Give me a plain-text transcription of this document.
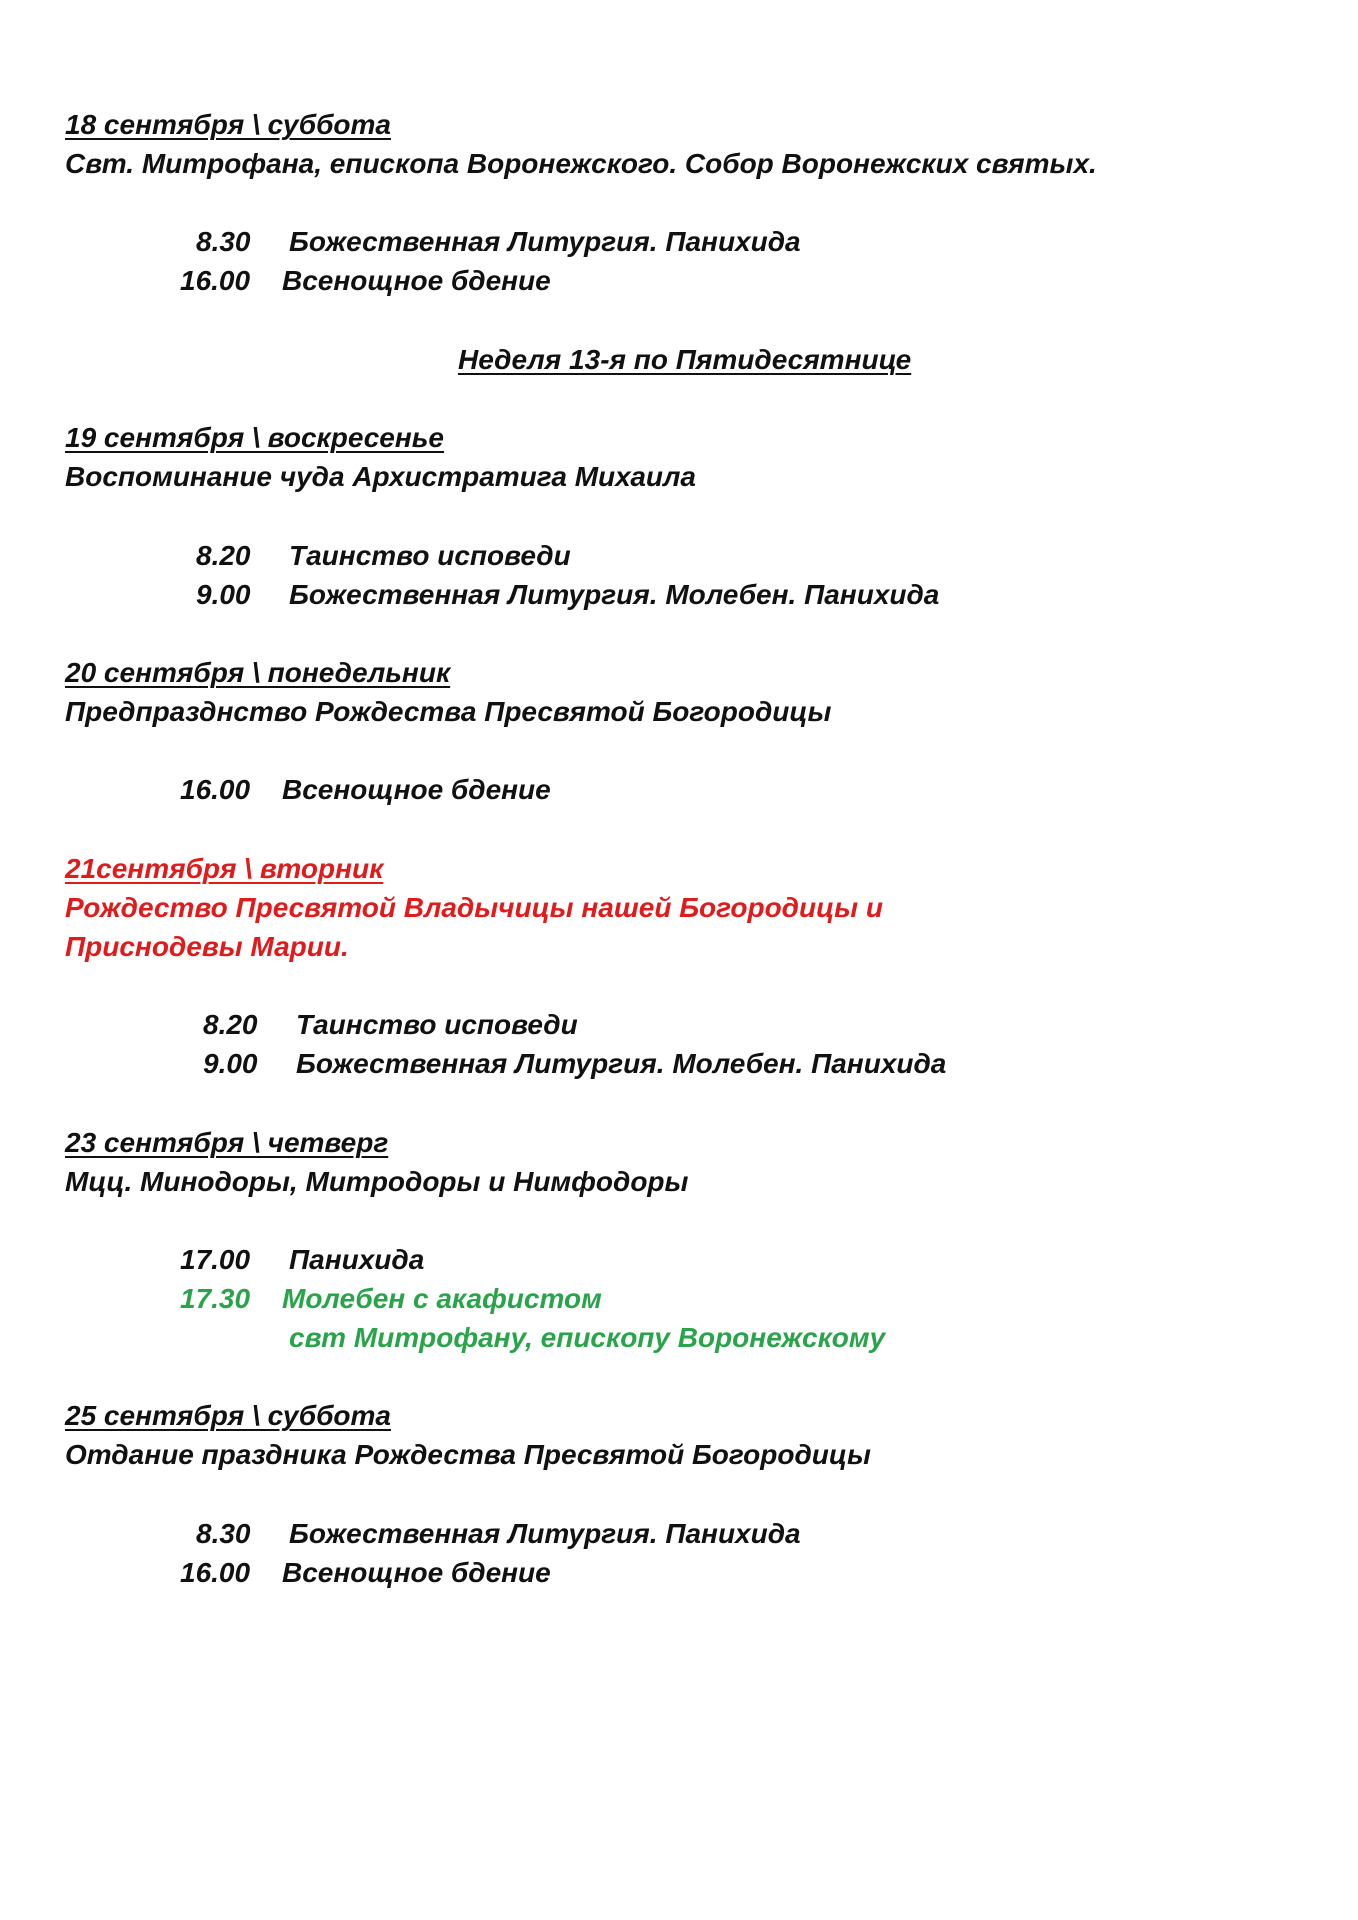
18 сентября \ суббота
Свт. Митрофана, епископа Воронежского. Собор Воронежских святых.
8.30 Божественная Литургия. Панихида
16.00 Всенощное бдение
Неделя 13-я по Пятидесятнице
19 сентября \ воскресенье
Воспоминание чуда Архистратига Михаила
8.20 Таинство исповеди
9.00 Божественная Литургия. Молебен. Панихида
20 сентября \ понедельник
Предпразднство Рождества Пресвятой Богородицы
16.00 Всенощное бдение
21сентября \ вторник
Рождество Пресвятой Владычицы нашей Богородицы и
Приснодевы Марии.
8.20 Таинство исповеди
9.00 Божественная Литургия. Молебен. Панихида
23 сентября \ четверг
Мцц. Минодоры, Митродоры и Нимфодоры
17.00 Панихида
17.30 Молебен с акафистом
свт Митрофану, епископу Воронежскому
25 сентября \ суббота
Отдание праздника Рождества Пресвятой Богородицы
8.30 Божественная Литургия. Панихида
16.00 Всенощное бдение
